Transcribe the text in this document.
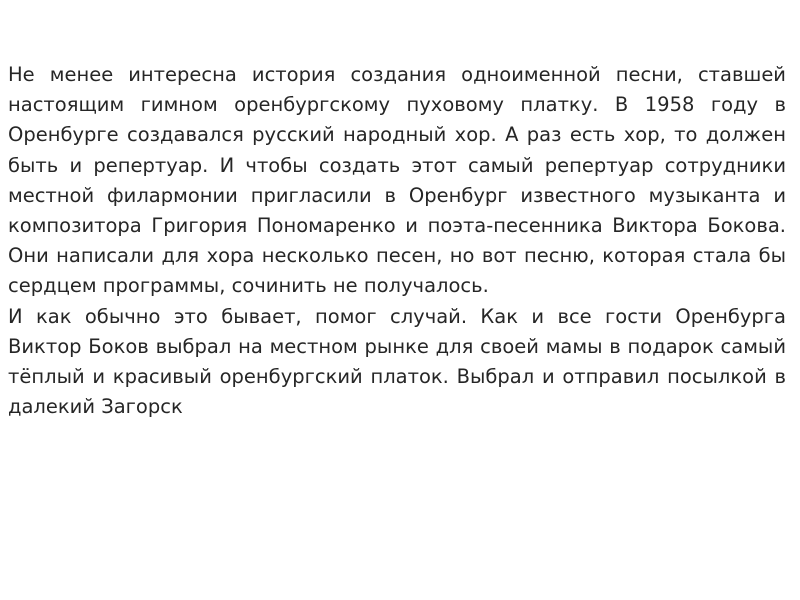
Не менее интересна история создания одноименной песни, ставшей настоящим гимном оренбургскому пуховому платку. В 1958 году в Оренбурге создавался русский народный хор. А раз есть хор, то должен быть и репертуар. И чтобы создать этот самый репертуар сотрудники местной филармонии пригласили в Оренбург известного музыканта и композитора Григория Пономаренко и поэта-песенника Виктора Бокова. Они написали для хора несколько песен, но вот песню, которая стала бы сердцем программы, сочинить не получалось.

И как обычно это бывает, помог случай. Как и все гости Оренбурга Виктор Боков выбрал на местном рынке для своей мамы в подарок самый тёплый и красивый оренбургский платок. Выбрал и отправил посылкой в далекий Загорск
